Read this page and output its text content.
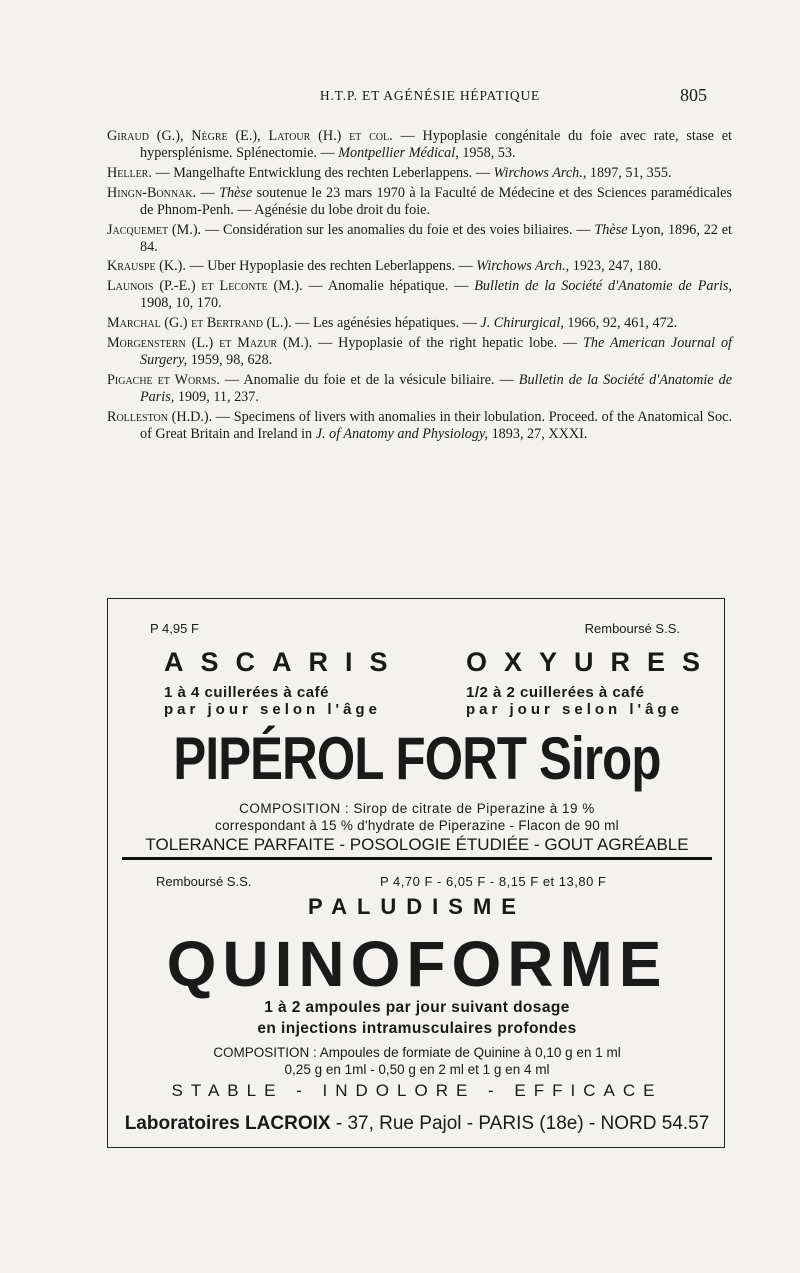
H.T.P. ET AGÉNÉSIE HÉPATIQUE	805

Giraud (G.), Nègre (E.), Latour (H.) et col. — Hypoplasie congénitale du foie avec rate, stase et hypersplénisme. Splénectomie. — Montpellier Médical, 1958, 53.

Heller. — Mangelhafte Entwicklung des rechten Leberlappens. — Wirchows Arch., 1897, 51, 355.

Hingn-Bonnak. — Thèse soutenue le 23 mars 1970 à la Faculté de Médecine et des Sciences paramédicales de Phnom-Penh. — Agénésie du lobe droit du foie.

Jacquemet (M.). — Considération sur les anomalies du foie et des voies biliaires. — Thèse Lyon, 1896, 22 et 84.

Krauspe (K.). — Uber Hypoplasie des rechten Leberlappens. — Wirchows Arch., 1923, 247, 180.

Launois (P.-E.) et Leconte (M.). — Anomalie hépatique. — Bulletin de la Société d'Anatomie de Paris, 1908, 10, 170.

Marchal (G.) et Bertrand (L.). — Les agénésies hépatiques. — J. Chirurgical, 1966, 92, 461, 472.

Morgenstern (L.) et Mazur (M.). — Hypoplasie of the right hepatic lobe. — The American Journal of Surgery, 1959, 98, 628.

Pigache et Worms. — Anomalie du foie et de la vésicule biliaire. — Bulletin de la Société d'Anatomie de Paris, 1909, 11, 237.

Rolleston (H.D.). — Specimens of livers with anomalies in their lobulation. Proceed. of the Anatomical Soc. of Great Britain and Ireland in J. of Anatomy and Physiology, 1893, 27, XXXI.

P 4,95 F	Remboursé S.S.
ASCARIS OXYURES
1 à 4 cuillerées à café
par jour selon l'âge
1/2 à 2 cuillerées à café
par jour selon l'âge
PIPÉROL FORT Sirop
COMPOSITION : Sirop de citrate de Piperazine à 19 %
correspondant à 15 % d'hydrate de Piperazine - Flacon de 90 ml
TOLERANCE PARFAITE - POSOLOGIE ÉTUDIÉE - GOUT AGRÉABLE
Remboursé S.S.	P 4,70 F - 6,05 F - 8,15 F et 13,80 F
PALUDISME
QUINOFORME
1 à 2 ampoules par jour suivant dosage
en injections intramusculaires profondes
COMPOSITION : Ampoules de formiate de Quinine à 0,10 g en 1 ml
0,25 g en 1ml - 0,50 g en 2 ml et 1 g en 4 ml
STABLE - INDOLORE - EFFICACE
Laboratoires LACROIX - 37, Rue Pajol - PARIS (18e) - NORD 54.57
